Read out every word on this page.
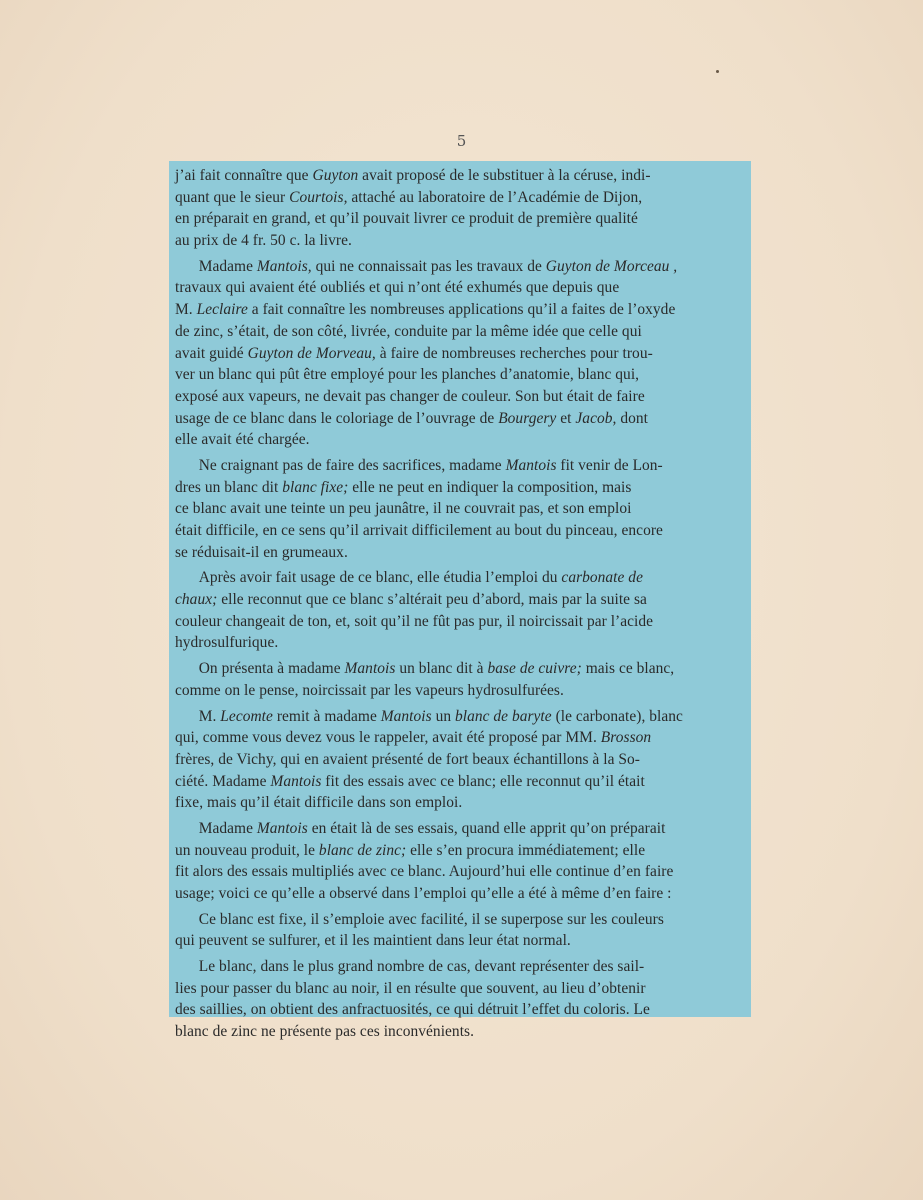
5
j’ai fait connaître que Guyton avait proposé de le substituer à la céruse, indi-
quant que le sieur Courtois, attaché au laboratoire de l’Académie de Dijon,
en préparait en grand, et qu’il pouvait livrer ce produit de première qualité
au prix de 4 fr. 50 c. la livre.
Madame Mantois, qui ne connaissait pas les travaux de Guyton de Morceau ,
travaux qui avaient été oubliés et qui n’ont été exhumés que depuis que
M. Leclaire a fait connaître les nombreuses applications qu’il a faites de l’oxyde
de zinc, s’était, de son côté, livrée, conduite par la même idée que celle qui
avait guidé Guyton de Morveau, à faire de nombreuses recherches pour trou-
ver un blanc qui pût être employé pour les planches d’anatomie, blanc qui,
exposé aux vapeurs, ne devait pas changer de couleur. Son but était de faire
usage de ce blanc dans le coloriage de l’ouvrage de Bourgery et Jacob, dont
elle avait été chargée.
Ne craignant pas de faire des sacrifices, madame Mantois fit venir de Lon-
dres un blanc dit blanc fixe; elle ne peut en indiquer la composition, mais
ce blanc avait une teinte un peu jaunâtre, il ne couvrait pas, et son emploi
était difficile, en ce sens qu’il arrivait difficilement au bout du pinceau, encore
se réduisait-il en grumeaux.
Après avoir fait usage de ce blanc, elle étudia l’emploi du carbonate de
chaux; elle reconnut que ce blanc s’altérait peu d’abord, mais par la suite sa
couleur changeait de ton, et, soit qu’il ne fût pas pur, il noircissait par l’acide
hydrosulfurique.
On présenta à madame Mantois un blanc dit à base de cuivre; mais ce blanc,
comme on le pense, noircissait par les vapeurs hydrosulfurées.
M. Lecomte remit à madame Mantois un blanc de baryte (le carbonate), blanc
qui, comme vous devez vous le rappeler, avait été proposé par MM. Brosson
frères, de Vichy, qui en avaient présenté de fort beaux échantillons à la So-
ciété. Madame Mantois fit des essais avec ce blanc; elle reconnut qu’il était
fixe, mais qu’il était difficile dans son emploi.
Madame Mantois en était là de ses essais, quand elle apprit qu’on préparait
un nouveau produit, le blanc de zinc; elle s’en procura immédiatement; elle
fit alors des essais multipliés avec ce blanc. Aujourd’hui elle continue d’en faire
usage; voici ce qu’elle a observé dans l’emploi qu’elle a été à même d’en faire :
Ce blanc est fixe, il s’emploie avec facilité, il se superpose sur les couleurs
qui peuvent se sulfurer, et il les maintient dans leur état normal.
Le blanc, dans le plus grand nombre de cas, devant représenter des sail-
lies pour passer du blanc au noir, il en résulte que souvent, au lieu d’obtenir
des saillies, on obtient des anfractuosités, ce qui détruit l’effet du coloris. Le
blanc de zinc ne présente pas ces inconvénients.
